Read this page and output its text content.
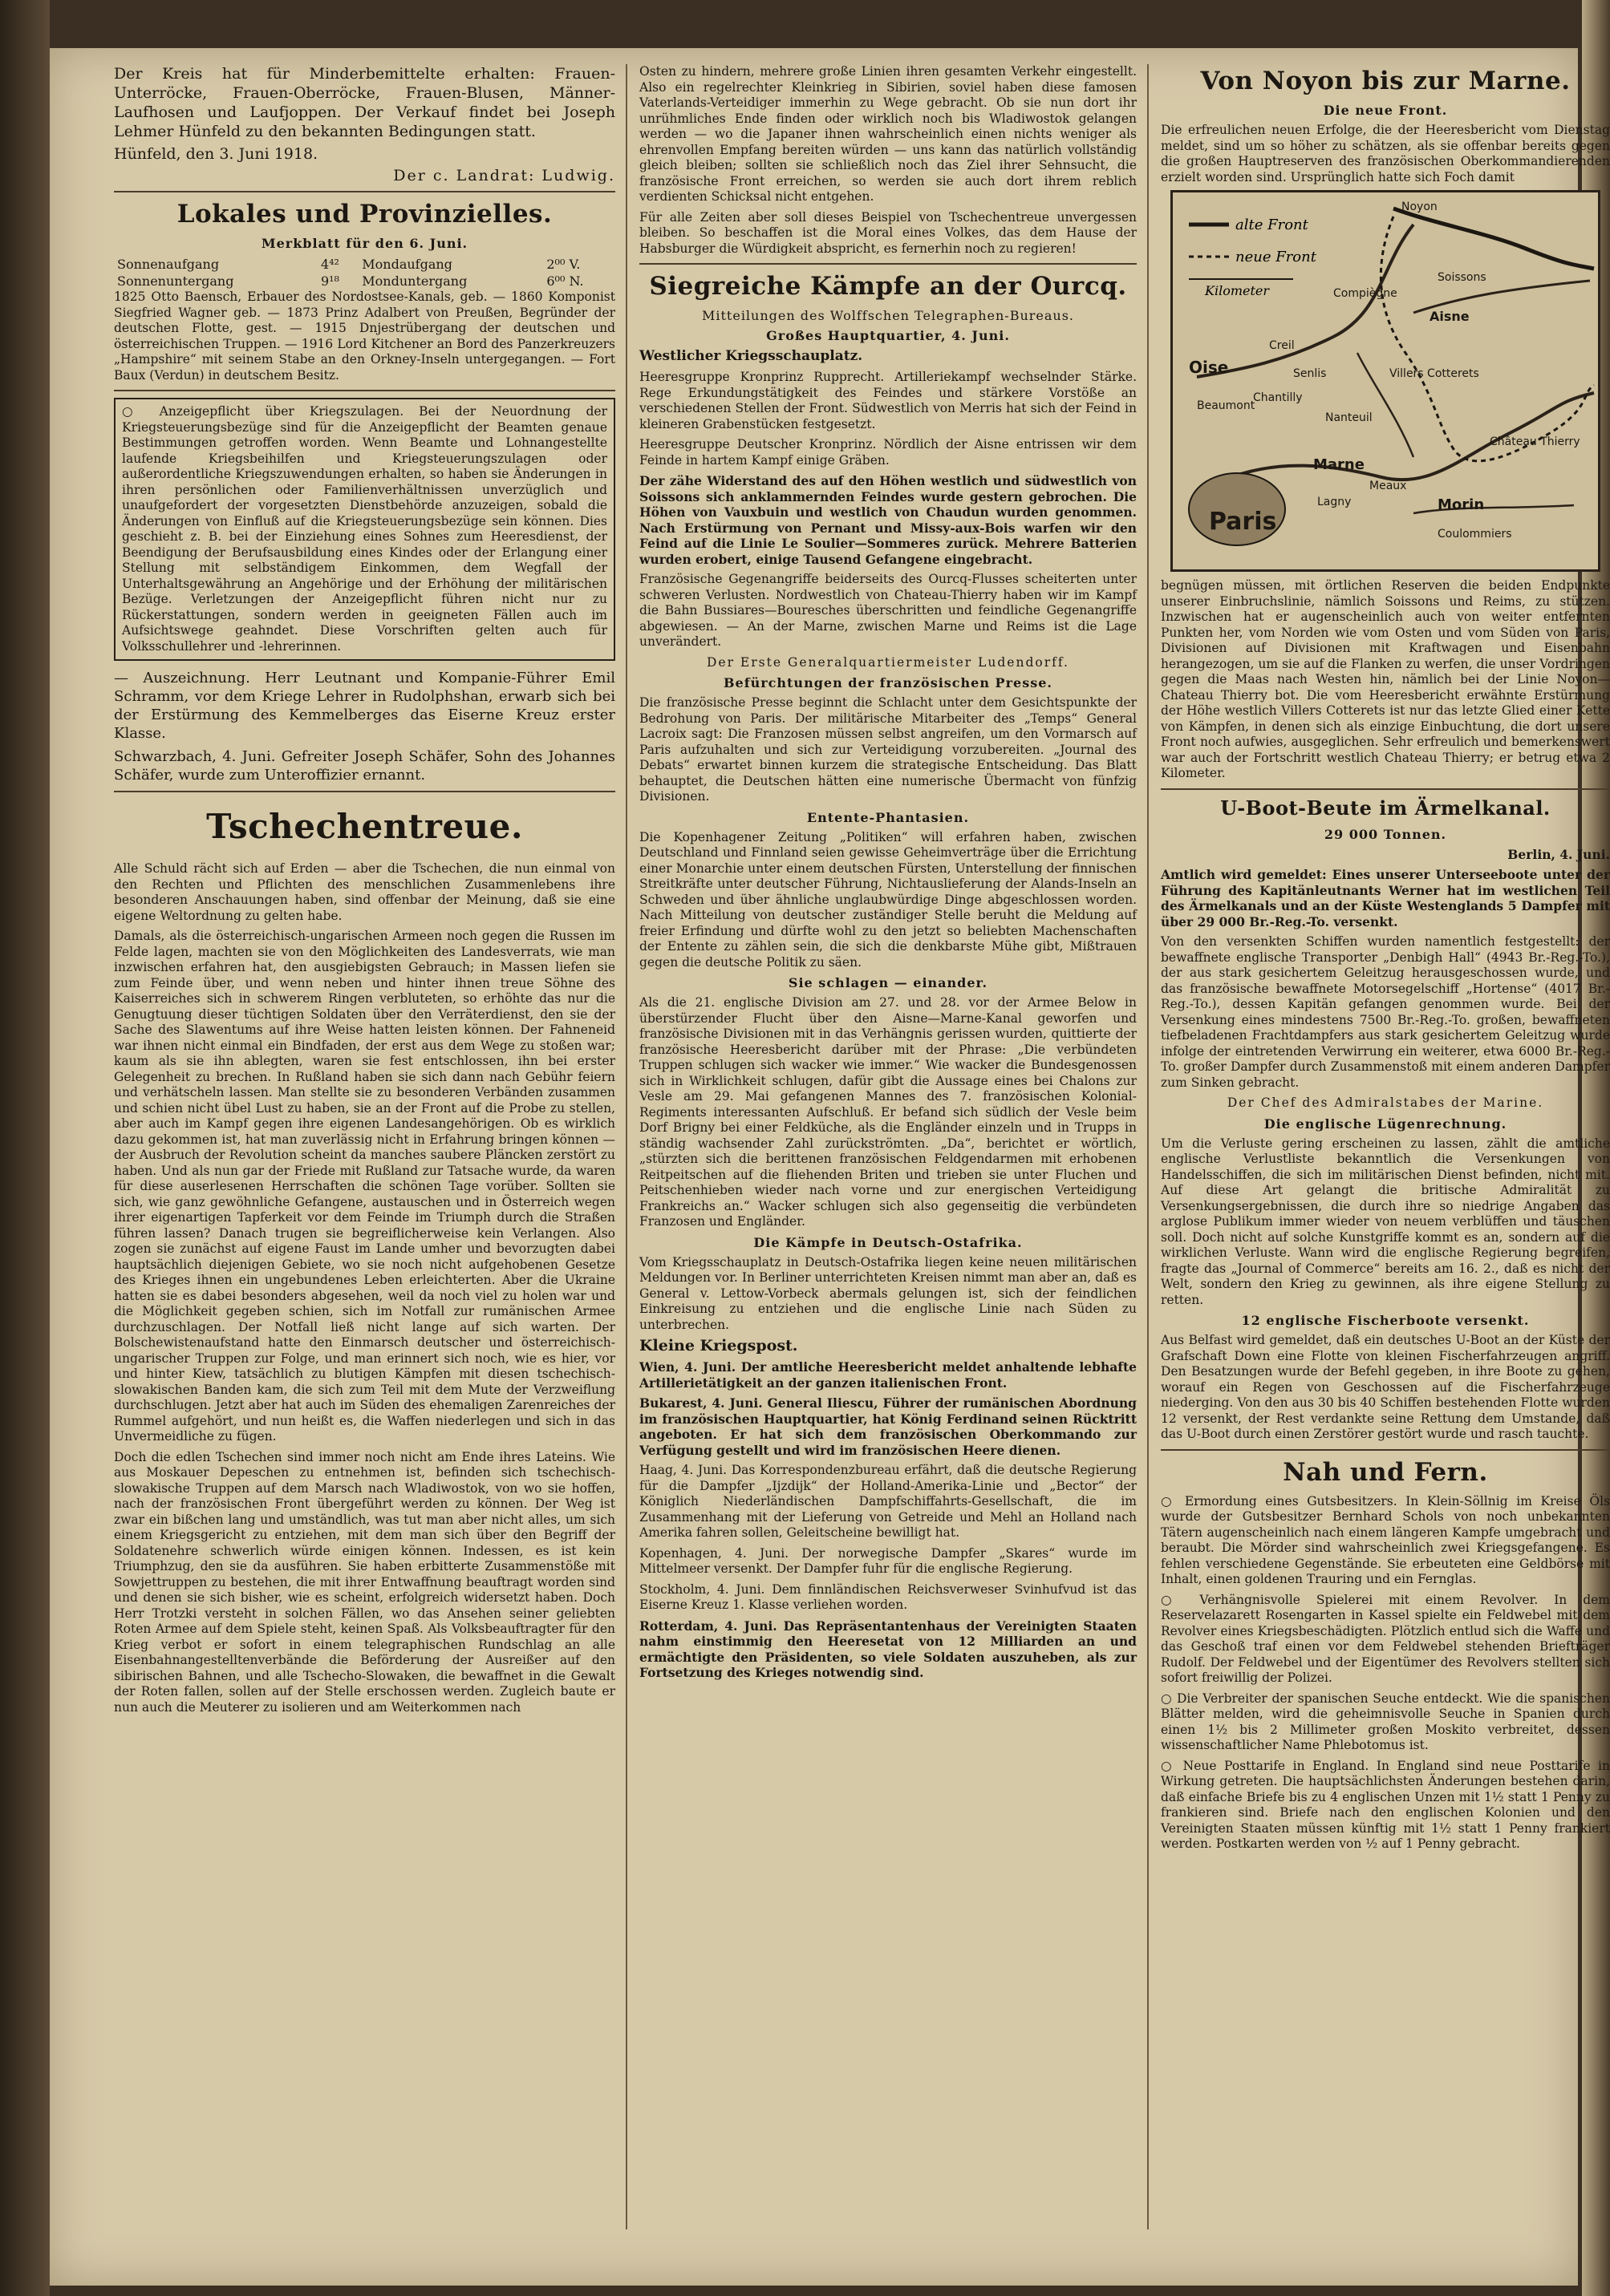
Der Kreis hat für Minderbemittelte erhalten: Frauen-Unterröcke, Frauen-Oberröcke, Frauen-Blusen, Männer-Laufhosen und Laufjoppen. Der Verkauf findet bei Joseph Lehmer Hünfeld zu den bekannten Bedingungen statt.

Hünfeld, den 3. Juni 1918.

Der c. Landrat: Ludwig.

Lokales und Provinzielles.
Merkblatt für den 6. Juni.
Sonnenaufgang	4⁴²	Mondaufgang	2⁰⁰ V.
Sonnenuntergang	9¹⁸	Monduntergang	6⁰⁰ N.

1825 Otto Baensch, Erbauer des Nordostsee-Kanals, geb. — 1860 Komponist Siegfried Wagner geb. — 1873 Prinz Adalbert von Preußen, Begründer der deutschen Flotte, gest. — 1915 Dnjestrübergang der deutschen und österreichischen Truppen. — 1916 Lord Kitchener an Bord des Panzerkreuzers „Hampshire“ mit seinem Stabe an den Orkney-Inseln untergegangen. — Fort Baux (Verdun) in deutschem Besitz.

○ Anzeigepflicht über Kriegszulagen. Bei der Neuordnung der Kriegsteuerungsbezüge sind für die Anzeigepflicht der Beamten genaue Bestimmungen getroffen worden. Wenn Beamte und Lohnangestellte laufende Kriegsbeihilfen und Kriegsteuerungszulagen oder außerordentliche Kriegszuwendungen erhalten, so haben sie Änderungen in ihren persönlichen oder Familienverhältnissen unverzüglich und unaufgefordert der vorgesetzten Dienstbehörde anzuzeigen, sobald die Änderungen von Einfluß auf die Kriegsteuerungsbezüge sein können. Dies geschieht z. B. bei der Einziehung eines Sohnes zum Heeresdienst, der Beendigung der Berufsausbildung eines Kindes oder der Erlangung einer Stellung mit selbständigem Einkommen, dem Wegfall der Unterhaltsgewährung an Angehörige und der Erhöhung der militärischen Bezüge. Verletzungen der Anzeigepflicht führen nicht nur zu Rückerstattungen, sondern werden in geeigneten Fällen auch im Aufsichtswege geahndet. Diese Vorschriften gelten auch für Volksschullehrer und -lehrerinnen.

— Auszeichnung. Herr Leutnant und Kompanie-Führer Emil Schramm, vor dem Kriege Lehrer in Rudolphshan, erwarb sich bei der Erstürmung des Kemmelberges das Eiserne Kreuz erster Klasse.

Schwarzbach, 4. Juni. Gefreiter Joseph Schäfer, Sohn des Johannes Schäfer, wurde zum Unteroffizier ernannt.

Tschechentreue.

Alle Schuld rächt sich auf Erden — aber die Tschechen, die nun einmal von den Rechten und Pflichten des menschlichen Zusammenlebens ihre besonderen Anschauungen haben, sind offenbar der Meinung, daß sie eine eigene Weltordnung zu gelten habe.

Damals, als die österreichisch-ungarischen Armeen noch gegen die Russen im Felde lagen, machten sie von den Möglichkeiten des Landesverrats, wie man inzwischen erfahren hat, den ausgiebigsten Gebrauch; in Massen liefen sie zum Feinde über, und wenn neben und hinter ihnen treue Söhne des Kaiserreiches sich in schwerem Ringen verbluteten, so erhöhte das nur die Genugtuung dieser tüchtigen Soldaten über den Verräterdienst, den sie der Sache des Slawentums auf ihre Weise hatten leisten können. Der Fahneneid war ihnen nicht einmal ein Bindfaden, der erst aus dem Wege zu stoßen war; kaum als sie ihn ablegten, waren sie fest entschlossen, ihn bei erster Gelegenheit zu brechen. In Rußland haben sie sich dann nach Gebühr feiern und verhätscheln lassen. Man stellte sie zu besonderen Verbänden zusammen und schien nicht übel Lust zu haben, sie an der Front auf die Probe zu stellen, aber auch im Kampf gegen ihre eigenen Landesangehörigen. Ob es wirklich dazu gekommen ist, hat man zuverlässig nicht in Erfahrung bringen können — der Ausbruch der Revolution scheint da manches saubere Pläncken zerstört zu haben. Und als nun gar der Friede mit Rußland zur Tatsache wurde, da waren für diese auserlesenen Herrschaften die schönen Tage vorüber. Sollten sie sich, wie ganz gewöhnliche Gefangene, austauschen und in Österreich wegen ihrer eigenartigen Tapferkeit vor dem Feinde im Triumph durch die Straßen führen lassen? Danach trugen sie begreiflicherweise kein Verlangen. Also zogen sie zunächst auf eigene Faust im Lande umher und bevorzugten dabei hauptsächlich diejenigen Gebiete, wo sie noch nicht aufgehobenen Gesetze des Krieges ihnen ein ungebundenes Leben erleichterten. Aber die Ukraine hatten sie es dabei besonders abgesehen, weil da noch viel zu holen war und die Möglichkeit gegeben schien, sich im Notfall zur rumänischen Armee durchzuschlagen. Der Notfall ließ nicht lange auf sich warten. Der Bolschewistenaufstand hatte den Einmarsch deutscher und österreichisch-ungarischer Truppen zur Folge, und man erinnert sich noch, wie es hier, vor und hinter Kiew, tatsächlich zu blutigen Kämpfen mit diesen tschechisch-slowakischen Banden kam, die sich zum Teil mit dem Mute der Verzweiflung durchschlugen. Jetzt aber hat auch im Süden des ehemaligen Zarenreiches der Rummel aufgehört, und nun heißt es, die Waffen niederlegen und sich in das Unvermeidliche zu fügen.

Doch die edlen Tschechen sind immer noch nicht am Ende ihres Lateins. Wie aus Moskauer Depeschen zu entnehmen ist, befinden sich tschechisch-slowakische Truppen auf dem Marsch nach Wladiwostok, von wo sie hoffen, nach der französischen Front übergeführt werden zu können. Der Weg ist zwar ein bißchen lang und umständlich, was tut man aber nicht alles, um sich einem Kriegsgericht zu entziehen, mit dem man sich über den Begriff der Soldatenehre schwerlich würde einigen können. Indessen, es ist kein Triumphzug, den sie da ausführen. Sie haben erbitterte Zusammenstöße mit Sowjettruppen zu bestehen, die mit ihrer Entwaffnung beauftragt worden sind und denen sie sich bisher, wie es scheint, erfolgreich widersetzt haben. Doch Herr Trotzki versteht in solchen Fällen, wo das Ansehen seiner geliebten Roten Armee auf dem Spiele steht, keinen Spaß. Als Volksbeauftragter für den Krieg verbot er sofort in einem telegraphischen Rundschlag an alle Eisenbahnangestelltenverbände die Beförderung der Ausreißer auf den sibirischen Bahnen, und alle Tschecho-Slowaken, die bewaffnet in die Gewalt der Roten fallen, sollen auf der Stelle erschossen werden. Zugleich baute er nun auch die Meuterer zu isolieren und am Weiterkommen nach

Osten zu hindern, mehrere große Linien ihren gesamten Verkehr eingestellt. Also ein regelrechter Kleinkrieg in Sibirien, soviel haben diese famosen Vaterlands-Verteidiger immerhin zu Wege gebracht. Ob sie nun dort ihr unrühmliches Ende finden oder wirklich noch bis Wladiwostok gelangen werden — wo die Japaner ihnen wahrscheinlich einen nichts weniger als ehrenvollen Empfang bereiten würden — uns kann das natürlich vollständig gleich bleiben; sollten sie schließlich noch das Ziel ihrer Sehnsucht, die französische Front erreichen, so werden sie auch dort ihrem reblich verdienten Schicksal nicht entgehen.

Für alle Zeiten aber soll dieses Beispiel von Tschechentreue unvergessen bleiben. So beschaffen ist die Moral eines Volkes, das dem Hause der Habsburger die Würdigkeit abspricht, es fernerhin noch zu regieren!

Siegreiche Kämpfe an der Ourcq.
Mitteilungen des Wolffschen Telegraphen-Bureaus.
Großes Hauptquartier, 4. Juni.

Westlicher Kriegsschauplatz.

Heeresgruppe Kronprinz Rupprecht. Artilleriekampf wechselnder Stärke. Rege Erkundungstätigkeit des Feindes und stärkere Vorstöße an verschiedenen Stellen der Front. Südwestlich von Merris hat sich der Feind in kleineren Grabenstücken festgesetzt.

Heeresgruppe Deutscher Kronprinz. Nördlich der Aisne entrissen wir dem Feinde in hartem Kampf einige Gräben.

Der zähe Widerstand des auf den Höhen westlich und südwestlich von Soissons sich anklammernden Feindes wurde gestern gebrochen. Die Höhen von Vauxbuin und westlich von Chaudun wurden genommen. Nach Erstürmung von Pernant und Missy-aux-Bois warfen wir den Feind auf die Linie Le Soulier—Sommeres zurück. Mehrere Batterien wurden erobert, einige Tausend Gefangene eingebracht.

Französische Gegenangriffe beiderseits des Ourcq-Flusses scheiterten unter schweren Verlusten. Nordwestlich von Chateau-Thierry haben wir im Kampf die Bahn Bussiares—Bouresches überschritten und feindliche Gegenangriffe abgewiesen. — An der Marne, zwischen Marne und Reims ist die Lage unverändert.

Der Erste Generalquartiermeister Ludendorff.

Befürchtungen der französischen Presse.

Die französische Presse beginnt die Schlacht unter dem Gesichtspunkte der Bedrohung von Paris. Der militärische Mitarbeiter des „Temps“ General Lacroix sagt: Die Franzosen müssen selbst angreifen, um den Vormarsch auf Paris aufzuhalten und sich zur Verteidigung vorzubereiten. „Journal des Debats“ erwartet binnen kurzem die strategische Entscheidung. Das Blatt behauptet, die Deutschen hätten eine numerische Übermacht von fünfzig Divisionen.

Entente-Phantasien.

Die Kopenhagener Zeitung „Politiken“ will erfahren haben, zwischen Deutschland und Finnland seien gewisse Geheimverträge über die Errichtung einer Monarchie unter einem deutschen Fürsten, Unterstellung der finnischen Streitkräfte unter deutscher Führung, Nichtauslieferung der Alands-Inseln an Schweden und über ähnliche unglaubwürdige Dinge abgeschlossen worden. Nach Mitteilung von deutscher zuständiger Stelle beruht die Meldung auf freier Erfindung und dürfte wohl zu den jetzt so beliebten Machenschaften der Entente zu zählen sein, die sich die denkbarste Mühe gibt, Mißtrauen gegen die deutsche Politik zu säen.

Sie schlagen — einander.

Als die 21. englische Division am 27. und 28. vor der Armee Below in überstürzender Flucht über den Aisne—Marne-Kanal geworfen und französische Divisionen mit in das Verhängnis gerissen wurden, quittierte der französische Heeresbericht darüber mit der Phrase: „Die verbündeten Truppen schlugen sich wacker wie immer.“ Wie wacker die Bundesgenossen sich in Wirklichkeit schlugen, dafür gibt die Aussage eines bei Chalons zur Vesle am 29. Mai gefangenen Mannes des 7. französischen Kolonial-Regiments interessanten Aufschluß. Er befand sich südlich der Vesle beim Dorf Brigny bei einer Feldküche, als die Engländer einzeln und in Trupps in ständig wachsender Zahl zurückströmten. „Da“, berichtet er wörtlich, „stürzten sich die berittenen französischen Feldgendarmen mit erhobenen Reitpeitschen auf die fliehenden Briten und trieben sie unter Fluchen und Peitschenhieben wieder nach vorne und zur energischen Verteidigung Frankreichs an.“ Wacker schlugen sich also gegenseitig die verbündeten Franzosen und Engländer.

Die Kämpfe in Deutsch-Ostafrika.

Vom Kriegsschauplatz in Deutsch-Ostafrika liegen keine neuen militärischen Meldungen vor. In Berliner unterrichteten Kreisen nimmt man aber an, daß es General v. Lettow-Vorbeck abermals gelungen ist, sich der feindlichen Einkreisung zu entziehen und die englische Linie nach Süden zu unterbrechen.

Kleine Kriegspost.

Wien, 4. Juni. Der amtliche Heeresbericht meldet anhaltende lebhafte Artillerietätigkeit an der ganzen italienischen Front.

Bukarest, 4. Juni. General Iliescu, Führer der rumänischen Abordnung im französischen Hauptquartier, hat König Ferdinand seinen Rücktritt angeboten. Er hat sich dem französischen Oberkommando zur Verfügung gestellt und wird im französischen Heere dienen.

Haag, 4. Juni. Das Korrespondenzbureau erfährt, daß die deutsche Regierung für die Dampfer „Ijzdijk“ der Holland-Amerika-Linie und „Bector“ der Königlich Niederländischen Dampfschiffahrts-Gesellschaft, die im Zusammenhang mit der Lieferung von Getreide und Mehl an Holland nach Amerika fahren sollen, Geleitscheine bewilligt hat.

Kopenhagen, 4. Juni. Der norwegische Dampfer „Skares“ wurde im Mittelmeer versenkt. Der Dampfer fuhr für die englische Regierung.

Stockholm, 4. Juni. Dem finnländischen Reichsverweser Svinhufvud ist das Eiserne Kreuz 1. Klasse verliehen worden.

Rotterdam, 4. Juni. Das Repräsentantenhaus der Vereinigten Staaten nahm einstimmig den Heeresetat von 12 Milliarden an und ermächtigte den Präsidenten, so viele Soldaten auszuheben, als zur Fortsetzung des Krieges notwendig sind.

Von Noyon bis zur Marne.
Die neue Front.

Die erfreulichen neuen Erfolge, die der Heeresbericht vom Dienstag meldet, sind um so höher zu schätzen, als sie offenbar bereits gegen die großen Hauptreserven des französischen Oberkommandierenden erzielt worden sind. Ursprünglich hatte sich Foch damit

Paris
alte Front
neue Front
Kilometer
Noyon
Oise
Compiègne
Aisne
Soissons
Creil
Senlis	Villers Cotterets
Marne
Meaux
Château Thierry
Morin
Lagny
Coulommiers
Chantilly
Beaumont
Nanteuil

begnügen müssen, mit örtlichen Reserven die beiden Endpunkte unserer Einbruchslinie, nämlich Soissons und Reims, zu stützen. Inzwischen hat er augenscheinlich auch von weiter entfernten Punkten her, vom Norden wie vom Osten und vom Süden von Paris, Divisionen auf Divisionen mit Kraftwagen und Eisenbahn herangezogen, um sie auf die Flanken zu werfen, die unser Vordringen gegen die Maas nach Westen hin, nämlich bei der Linie Noyon—Chateau Thierry bot. Die vom Heeresbericht erwähnte Erstürmung der Höhe westlich Villers Cotterets ist nur das letzte Glied einer Kette von Kämpfen, in denen sich als einzige Einbuchtung, die dort unsere Front noch aufwies, ausgeglichen. Sehr erfreulich und bemerkenswert war auch der Fortschritt westlich Chateau Thierry; er betrug etwa 2 Kilometer.

U-Boot-Beute im Ärmelkanal.
29 000 Tonnen.

Berlin, 4. Juni.

Amtlich wird gemeldet: Eines unserer Unterseeboote unter der Führung des Kapitänleutnants Werner hat im westlichen Teil des Ärmelkanals und an der Küste Westenglands 5 Dampfer mit über 29 000 Br.-Reg.-To. versenkt.

Von den versenkten Schiffen wurden namentlich festgestellt: der bewaffnete englische Transporter „Denbigh Hall“ (4943 Br.-Reg.-To.), der aus stark gesichertem Geleitzug herausgeschossen wurde, und das französische bewaffnete Motorsegelschiff „Hortense“ (4017 Br.-Reg.-To.), dessen Kapitän gefangen genommen wurde. Bei der Versenkung eines mindestens 7500 Br.-Reg.-To. großen, bewaffneten tiefbeladenen Frachtdampfers aus stark gesichertem Geleitzug wurde infolge der eintretenden Verwirrung ein weiterer, etwa 6000 Br.-Reg.-To. großer Dampfer durch Zusammenstoß mit einem anderen Dampfer zum Sinken gebracht.

Der Chef des Admiralstabes der Marine.

Die englische Lügenrechnung.

Um die Verluste gering erscheinen zu lassen, zählt die amtliche englische Verlustliste bekanntlich die Versenkungen von Handelsschiffen, die sich im militärischen Dienst befinden, nicht mit. Auf diese Art gelangt die britische Admiralität zu Versenkungsergebnissen, die durch ihre so niedrige Angaben das arglose Publikum immer wieder von neuem verblüffen und täuschen soll. Doch nicht auf solche Kunstgriffe kommt es an, sondern auf die wirklichen Verluste. Wann wird die englische Regierung begreifen, fragte das „Journal of Commerce“ bereits am 16. 2., daß es nicht der Welt, sondern den Krieg zu gewinnen, als ihre eigene Stellung zu retten.

12 englische Fischerboote versenkt.

Aus Belfast wird gemeldet, daß ein deutsches U-Boot an der Küste der Grafschaft Down eine Flotte von kleinen Fischerfahrzeugen angriff. Den Besatzungen wurde der Befehl gegeben, in ihre Boote zu gehen, worauf ein Regen von Geschossen auf die Fischerfahrzeuge niederging. Von den aus 30 bis 40 Schiffen bestehenden Flotte wurden 12 versenkt, der Rest verdankte seine Rettung dem Umstande, daß das U-Boot durch einen Zerstörer gestört wurde und rasch tauchte.

Nah und Fern.

○ Ermordung eines Gutsbesitzers. In Klein-Söllnig im Kreise Öls wurde der Gutsbesitzer Bernhard Schols von noch unbekannten Tätern augenscheinlich nach einem längeren Kampfe umgebracht und beraubt. Die Mörder sind wahrscheinlich zwei Kriegsgefangene. Es fehlen verschiedene Gegenstände. Sie erbeuteten eine Geldbörse mit Inhalt, einen goldenen Trauring und ein Fernglas.

○ Verhängnisvolle Spielerei mit einem Revolver. In dem Reservelazarett Rosengarten in Kassel spielte ein Feldwebel mit dem Revolver eines Kriegsbeschädigten. Plötzlich entlud sich die Waffe und das Geschoß traf einen vor dem Feldwebel stehenden Briefträger Rudolf. Der Feldwebel und der Eigentümer des Revolvers stellten sich sofort freiwillig der Polizei.

○ Die Verbreiter der spanischen Seuche entdeckt. Wie die spanischen Blätter melden, wird die geheimnisvolle Seuche in Spanien durch einen 1½ bis 2 Millimeter großen Moskito verbreitet, dessen wissenschaftlicher Name Phlebotomus ist.

○ Neue Posttarife in England. In England sind neue Posttarife in Wirkung getreten. Die hauptsächlichsten Änderungen bestehen darin, daß einfache Briefe bis zu 4 englischen Unzen mit 1½ statt 1 Penny zu frankieren sind. Briefe nach den englischen Kolonien und den Vereinigten Staaten müssen künftig mit 1½ statt 1 Penny frankiert werden. Postkarten werden von ½ auf 1 Penny gebracht.
